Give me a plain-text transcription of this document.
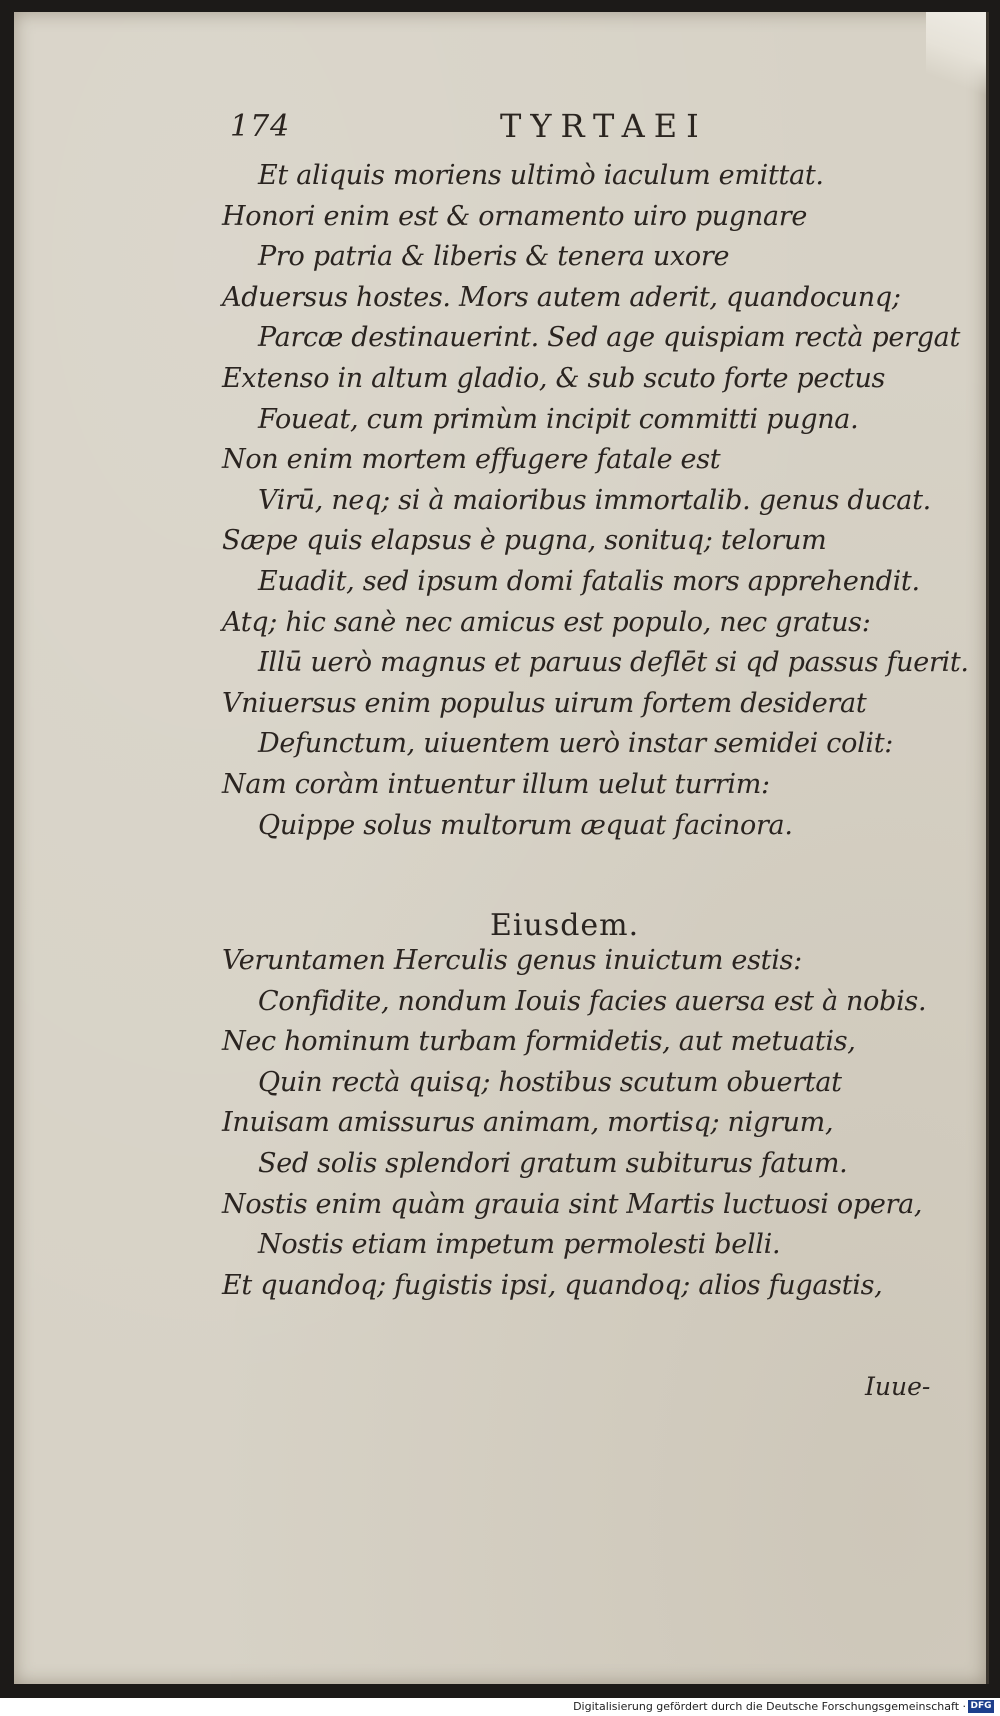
174	TYRTAEI
Et aliquis moriens ultimò iaculum emittat.
Honori enim est & ornamento uiro pugnare
Pro patria & liberis & tenera uxore
Aduersus hostes. Mors autem aderit, quandocunq;
Parcæ destinauerint. Sed age quispiam rectà pergat
Extenso in altum gladio, & sub scuto forte pectus
Foueat, cum primùm incipit committi pugna.
Non enim mortem effugere fatale est
Virū, neq; si à maioribus immortalib. genus ducat.
Sæpe quis elapsus è pugna, sonituq; telorum
Euadit, sed ipsum domi fatalis mors apprehendit.
Atq; hic sanè nec amicus est populo, nec gratus:
Illū uerò magnus et paruus deflēt si qd passus fuerit.
Vniuersus enim populus uirum fortem desiderat
Defunctum, uiuentem uerò instar semidei colit:
Nam coràm intuentur illum uelut turrim:
Quippe solus multorum æquat facinora.
Veruntamen Herculis genus inuictum estis:
Confidite, nondum Iouis facies auersa est à nobis.
Nec hominum turbam formidetis, aut metuatis,
Quin rectà quisq; hostibus scutum obuertat
Inuisam amissurus animam, mortisq; nigrum,
Sed solis splendori gratum subiturus fatum.
Nostis enim quàm grauia sint Martis luctuosi opera,
Nostis etiam impetum permolesti belli.
Et quandoq; fugistis ipsi, quandoq; alios fugastis,
Eiusdem.
Iuue-
Digitalisierung gefördert durch die Deutsche Forschungsgemeinschaft · DFG
